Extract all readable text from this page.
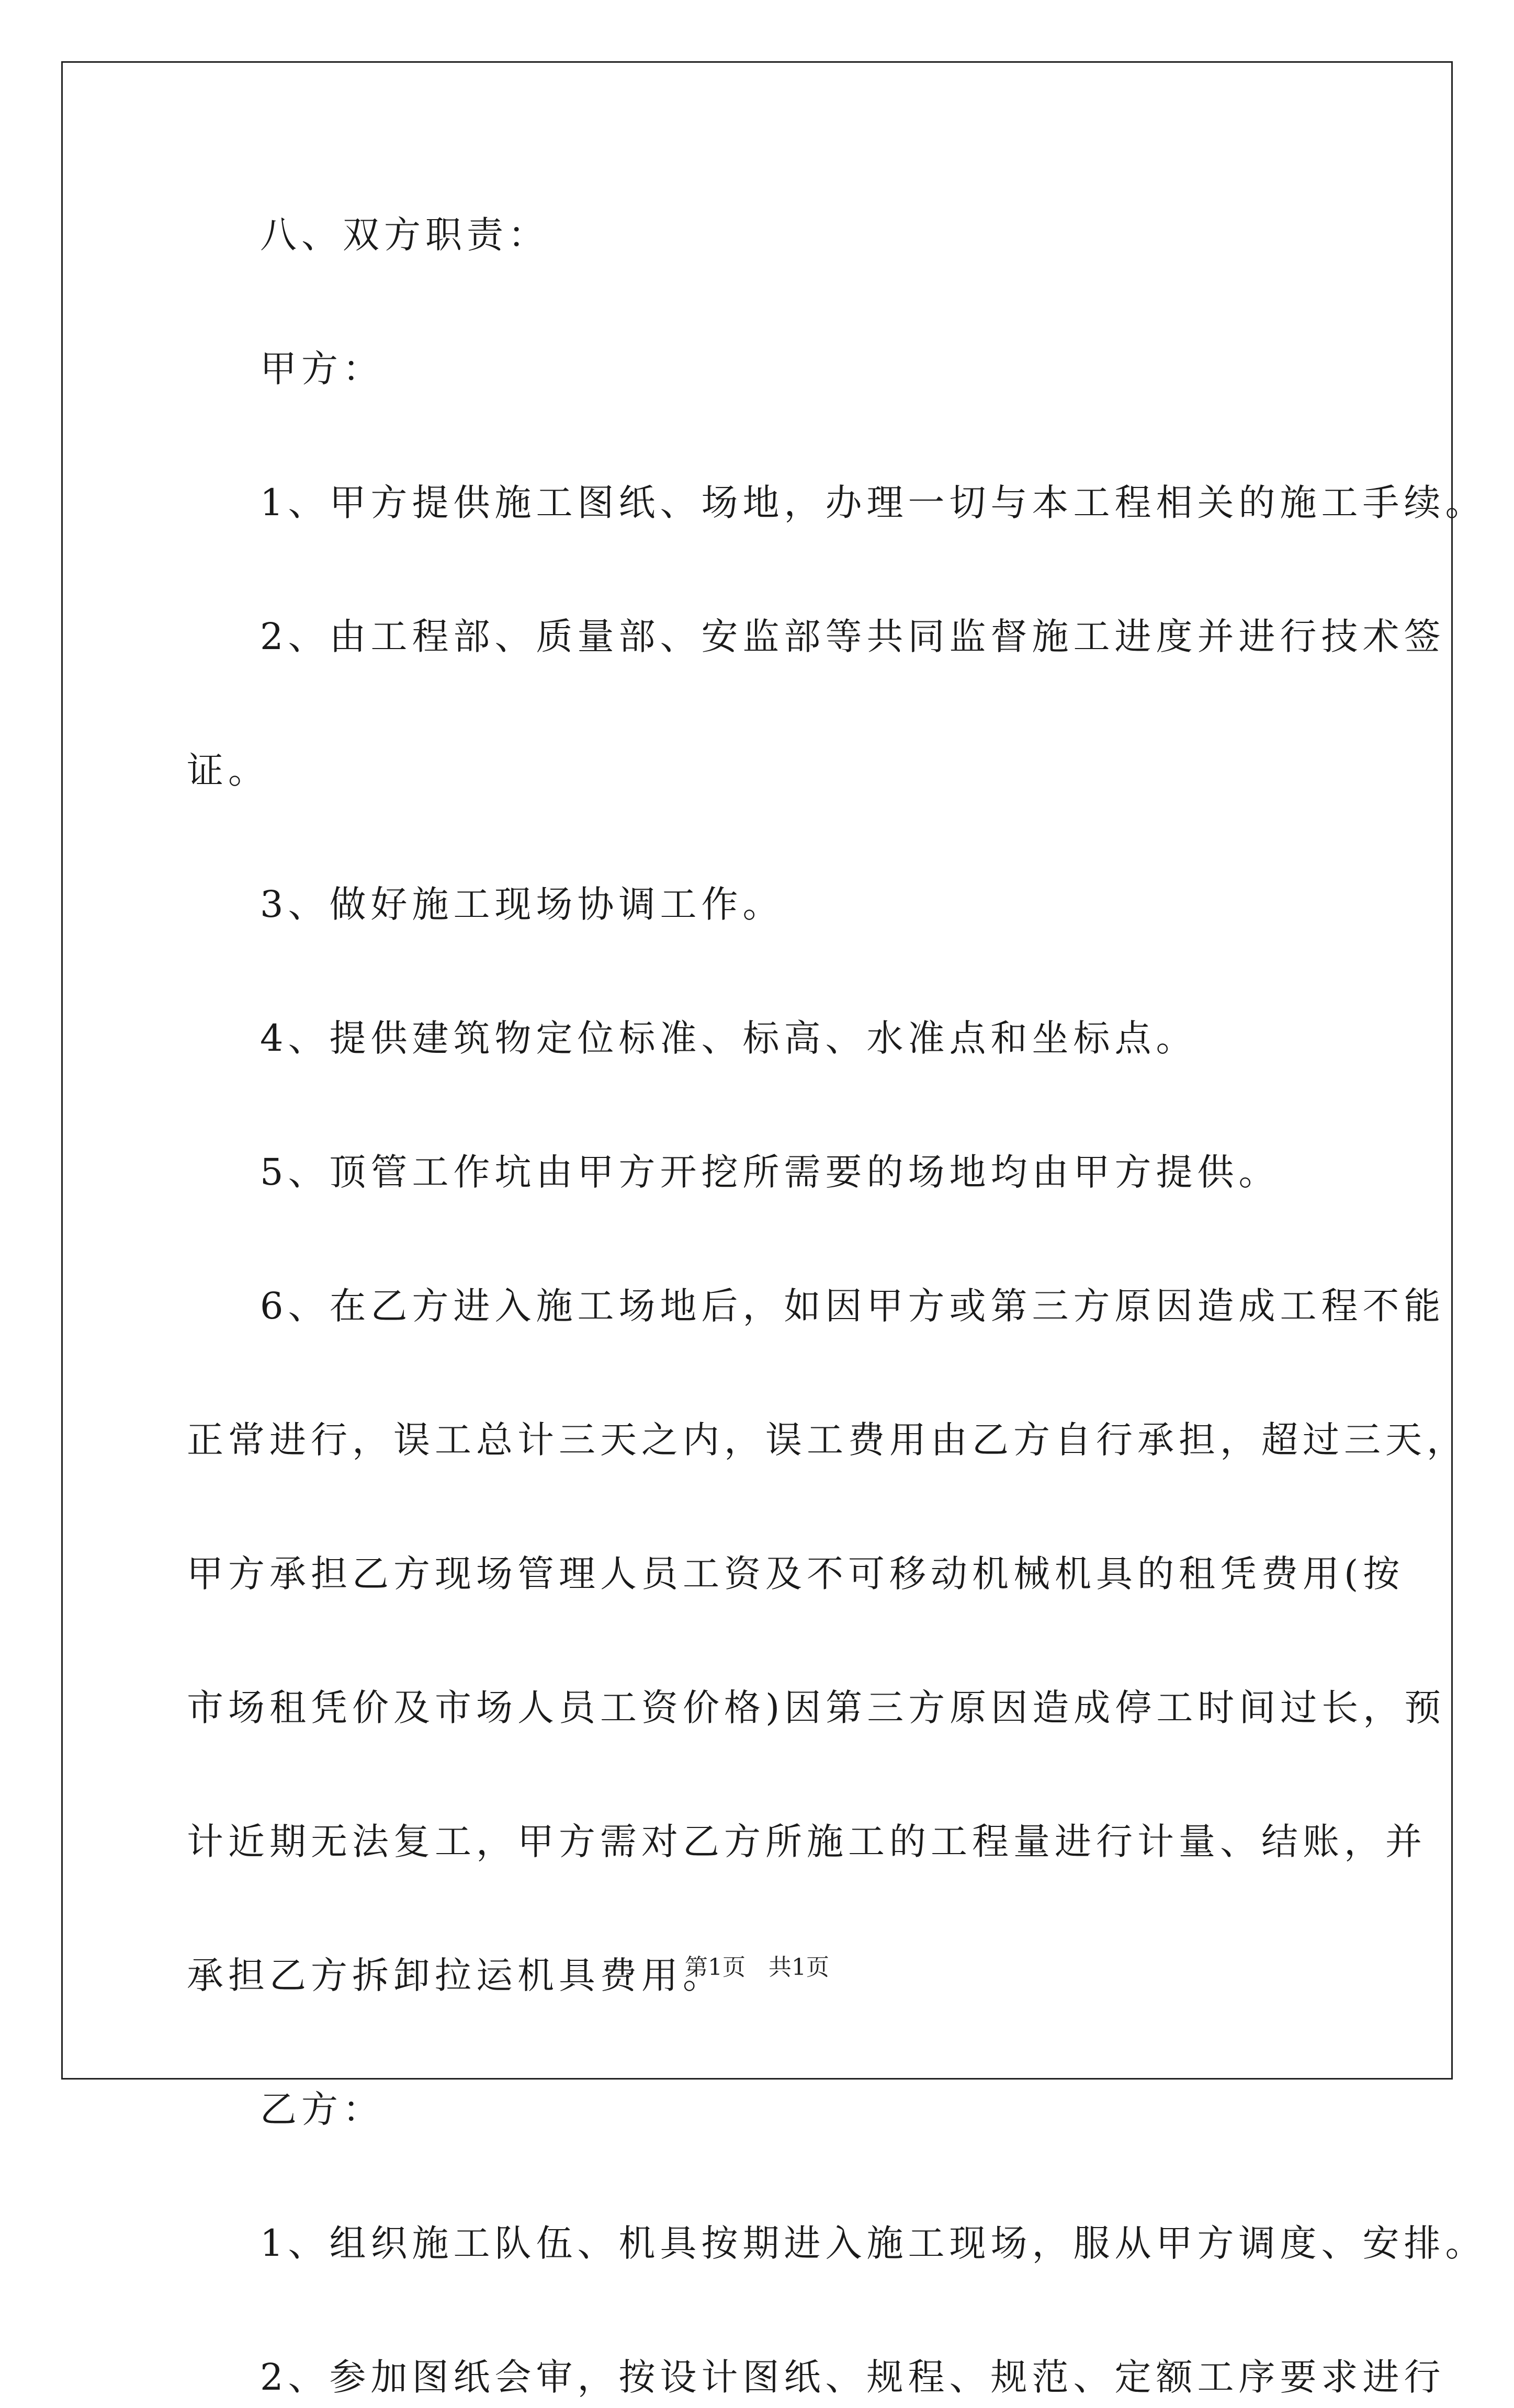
八、双方职责：
甲方：
1、甲方提供施工图纸、场地，办理一切与本工程相关的施工手续。
2、由工程部、质量部、安监部等共同监督施工进度并进行技术签
证。
3、做好施工现场协调工作。
4、提供建筑物定位标准、标高、水准点和坐标点。
5、顶管工作坑由甲方开挖所需要的场地均由甲方提供。
6、在乙方进入施工场地后，如因甲方或第三方原因造成工程不能
正常进行，误工总计三天之内，误工费用由乙方自行承担，超过三天，
甲方承担乙方现场管理人员工资及不可移动机械机具的租凭费用(按
市场租凭价及市场人员工资价格)因第三方原因造成停工时间过长，预
计近期无法复工，甲方需对乙方所施工的工程量进行计量、结账，并
承担乙方拆卸拉运机具费用。
乙方：
1、组织施工队伍、机具按期进入施工现场，服从甲方调度、安排。
2、参加图纸会审，按设计图纸、规程、规范、定额工序要求进行
第1页　共1页
